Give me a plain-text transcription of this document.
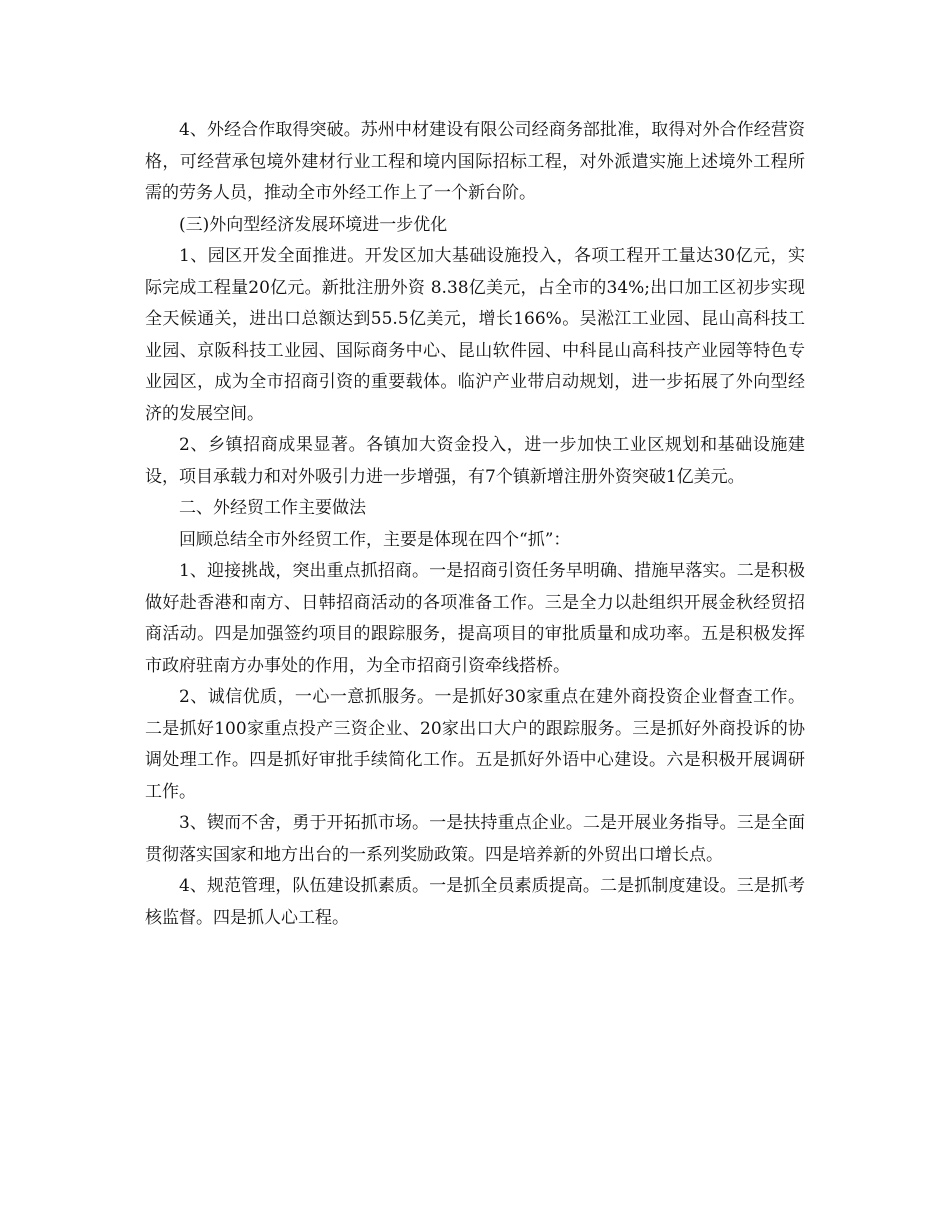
4、外经合作取得突破。苏州中材建设有限公司经商务部批准，取得对外合作经营资格，可经营承包境外建材行业工程和境内国际招标工程，对外派遣实施上述境外工程所需的劳务人员，推动全市外经工作上了一个新台阶。

(三)外向型经济发展环境进一步优化

1、园区开发全面推进。开发区加大基础设施投入，各项工程开工量达30亿元，实际完成工程量20亿元。新批注册外资 8.38亿美元，占全市的34%;出口加工区初步实现全天候通关，进出口总额达到55.5亿美元，增长166%。吴淞江工业园、昆山高科技工业园、京阪科技工业园、国际商务中心、昆山软件园、中科昆山高科技产业园等特色专业园区，成为全市招商引资的重要载体。临沪产业带启动规划，进一步拓展了外向型经济的发展空间。

2、乡镇招商成果显著。各镇加大资金投入，进一步加快工业区规划和基础设施建设，项目承载力和对外吸引力进一步增强，有7个镇新增注册外资突破1亿美元。

二、外经贸工作主要做法

回顾总结全市外经贸工作，主要是体现在四个“抓”：

1、迎接挑战，突出重点抓招商。一是招商引资任务早明确、措施早落实。二是积极做好赴香港和南方、日韩招商活动的各项准备工作。三是全力以赴组织开展金秋经贸招商活动。四是加强签约项目的跟踪服务，提高项目的审批质量和成功率。五是积极发挥市政府驻南方办事处的作用，为全市招商引资牵线搭桥。

2、诚信优质，一心一意抓服务。一是抓好30家重点在建外商投资企业督查工作。二是抓好100家重点投产三资企业、20家出口大户的跟踪服务。三是抓好外商投诉的协调处理工作。四是抓好审批手续简化工作。五是抓好外语中心建设。六是积极开展调研工作。

3、锲而不舍，勇于开拓抓市场。一是扶持重点企业。二是开展业务指导。三是全面贯彻落实国家和地方出台的一系列奖励政策。四是培养新的外贸出口增长点。

4、规范管理，队伍建设抓素质。一是抓全员素质提高。二是抓制度建设。三是抓考核监督。四是抓人心工程。
